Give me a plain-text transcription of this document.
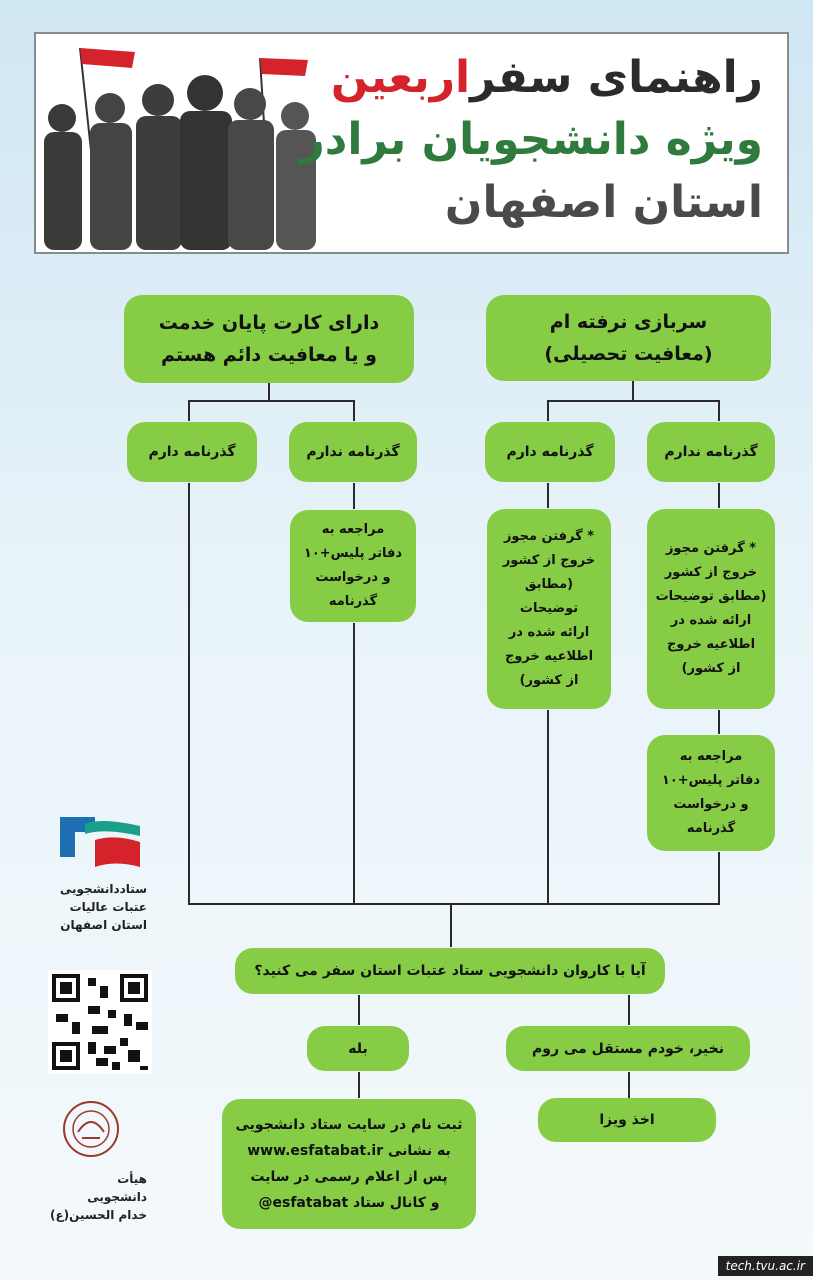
راهنمای سفراربعین
ویژه دانشجویان برادر
استان اصفهان
دارای کارت پایان خدمت
و یا معافیت دائم هستم
سربازی نرفته ام
(معافیت تحصیلی)
گذرنامه دارم	گذرنامه ندارم	گذرنامه دارم	گذرنامه ندارم
مراجعه به
دفاتر پلیس+۱۰
و درخواست
گذرنامه
* گرفتن مجوز
خروج از کشور
(مطابق توضیحات
ارائه شده در
اطلاعیه خروج
از کشور)
* گرفتن مجوز
خروج از کشور
(مطابق توضیحات
ارائه شده در
اطلاعیه خروج
از کشور)
مراجعه به
دفاتر پلیس+۱۰
و درخواست
گذرنامه
آیا با کاروان دانشجویی ستاد عتبات استان سفر می کنید؟
بله	نخیر، خودم مستقل می روم
ثبت نام در سایت ستاد دانشجویی
به نشانی www.esfatabat.ir
پس از اعلام رسمی در سایت
و کانال ستاد esfatabat@
اخذ ویزا
ستاددانشجویی
عتبات عالیات
استان اصفهان
هیأت
دانشجویی
خدام الحسین(ع)
tech.tvu.ac.ir
